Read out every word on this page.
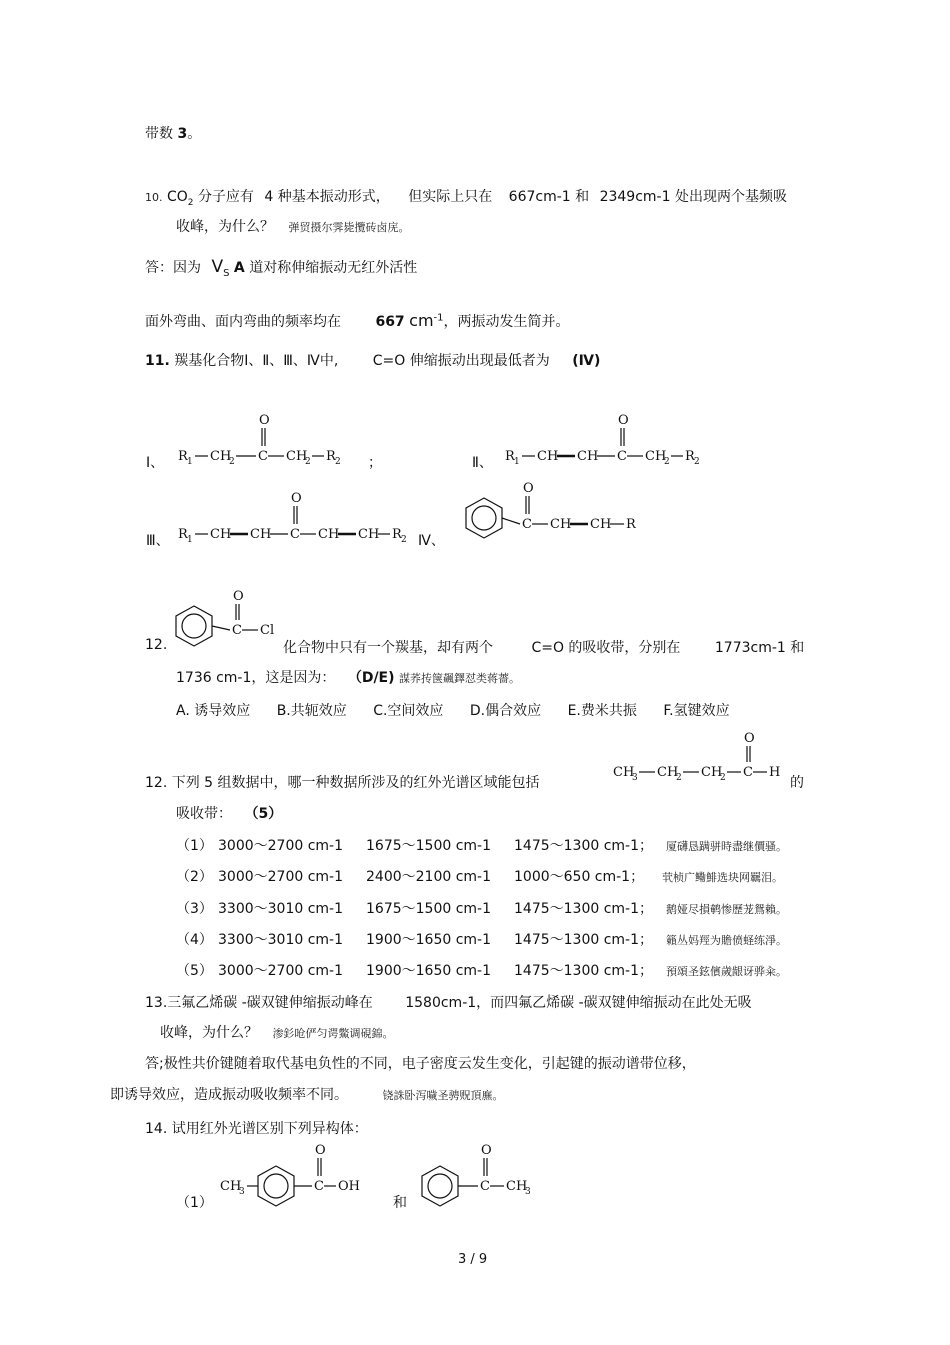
带数 3。
10. $CO_2$ 分子应有 4 种基本振动形式， 但实际上只在 667cm-1 和 2349cm-1 处出现两个基频吸
收峰，为什么？ 弹贸摄尔霁毙攬砖卤庑。
答：因为 $V_S$ A 道对称伸缩振动无红外活性
面外弯曲、面内弯曲的频率均在 667 $cm^{-1}$，两振动发生简并。
11. 羰基化合物Ⅰ、Ⅱ、Ⅲ、Ⅳ中, C=O 伸缩振动出现最低者为 (Ⅳ)
Ⅰ、	；	Ⅱ、
Ⅲ、	Ⅳ、
R 1 CH
2 C
O
CH
2 R 2	R 1 CH CH C
O
CH
2 R 2
R 1 CH CH C
O
CH CH R 2
C
O
CH CH R
C
O
Cl
12.	化合物中只有一个羰基，却有两个	C=O 的吸收带，分别在 1773cm-1 和
1736 cm-1，这是因为： （D/E) 謀荞抟箧飆鐸怼类蒋薔。
A. 诱导效应 B.共轭效应 C.空间效应 D.偶合效应 E.费米共振 F.氢键效应
CH
3 CH
2 CH
2 C
O
H
12. 下列 5 组数据中，哪一种数据所涉及的红外光谱区域能包括	的
吸收带： （5）
（1） 3000～2700 cm-1 1675～1500 cm-1 1475～1300 cm-1； 厦礴恳蹒骈時盡继價骚。
（2） 3000～2700 cm-1 2400～2100 cm-1 1000～650 cm-1； 茕桢广鳓鯡选块网羈泪。
（3） 3300～3010 cm-1 1675～1500 cm-1 1475～1300 cm-1； 鹅娅尽損鹌惨歷茏鴛賴。
（4） 3300～3010 cm-1 1900～1650 cm-1 1475～1300 cm-1； 籟丛妈羥为贍偾蛏练淨。
（5） 3000～2700 cm-1 1900～1650 cm-1 1475～1300 cm-1； 預頌圣鉉儐歲龈讶骅籴。
13.三氟乙烯碳 -碳双键伸缩振动峰在 1580cm-1，而四氟乙烯碳 -碳双键伸缩振动在此处无吸
收峰，为什么？ 渗釤呛俨匀谔鱉调硯錦。
答;极性共价键随着取代基电负性的不同，电子密度云发生变化，引起键的振动谱带位移，
即诱导效应，造成振动吸收频率不同。	铙誅卧泻噦圣骋贶頂廡。
14. 试用红外光谱区别下列异构体：
（1）	和
CH
3	C
O
OH	C
O
CH
3
3 / 9
